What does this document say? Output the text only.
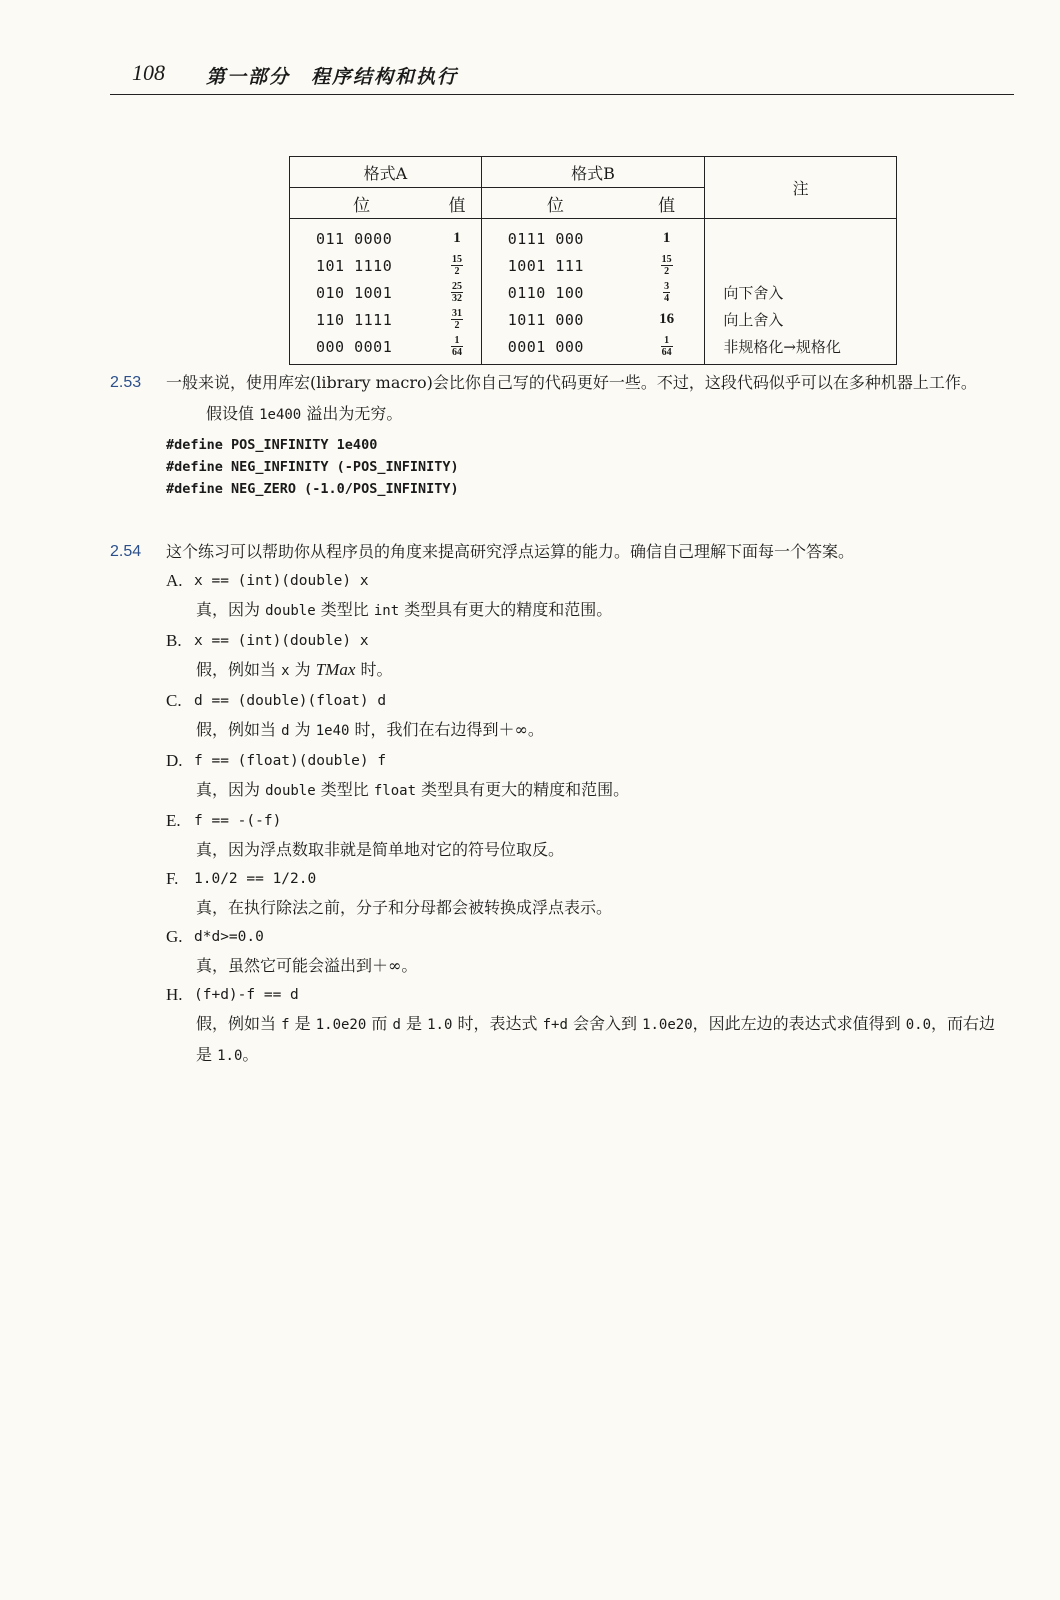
108 第一部分　程序结构和执行
格式A		格式B		注
位	值	位	值	
011 0000	1	0111 000	1	
101 1110	$\frac{15}{2}$	1001 111	$\frac{15}{2}$

010 1001	$\frac{25}{32}$	0110 100	$\frac{3}{4}$	向下舍入
110 1111	$\frac{31}{2}$	1011 000	16	向上舍入
000 0001	$\frac{1}{64}$	0001 000	$\frac{1}{64}$	非规格化→规格化
2.53 一般来说，使用库宏(library macro)会比你自己写的代码更好一些。不过，这段代码似乎可以在多种机器上工作。
假设值 1e400 溢出为无穷。
#define POS_INFINITY 1e400
#define NEG_INFINITY (-POS_INFINITY)
#define NEG_ZERO (-1.0/POS_INFINITY)
2.54 这个练习可以帮助你从程序员的角度来提高研究浮点运算的能力。确信自己理解下面每一个答案。
A. x == (int)(double) x
真，因为 double 类型比 int 类型具有更大的精度和范围。
B. x == (int)(double) x
假，例如当 x 为 TMax 时。
C. d == (double)(float) d
假，例如当 d 为 1e40 时，我们在右边得到＋∞。
D. f == (float)(double) f
真，因为 double 类型比 float 类型具有更大的精度和范围。
E. f == -(-f)
真，因为浮点数取非就是简单地对它的符号位取反。
F. 1.0/2 == 1/2.0
真，在执行除法之前，分子和分母都会被转换成浮点表示。
G. d*d>=0.0
真，虽然它可能会溢出到＋∞。
H. (f+d)-f == d
假，例如当 f 是 1.0e20 而 d 是 1.0 时，表达式 f+d 会舍入到 1.0e20，因此左边的表达式求值得到 0.0，而右边是 1.0。
